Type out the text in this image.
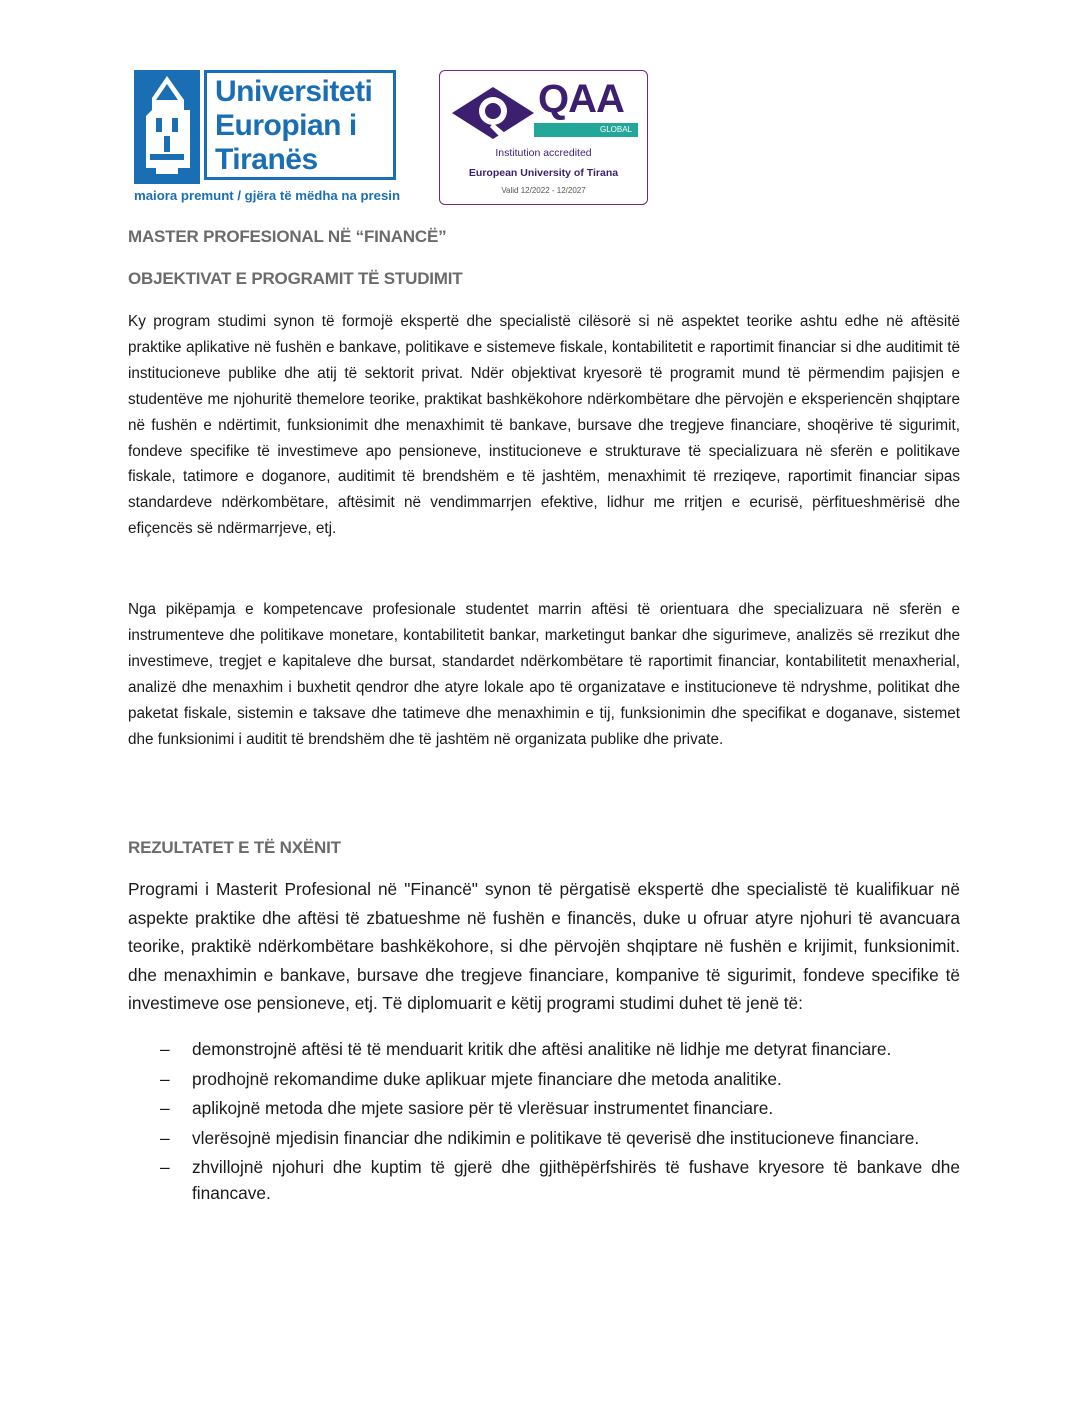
Universiteti
Europian i
Tiranës
maiora premunt / gjëra të mëdha na presin
QAA
GLOBAL
Institution accredited
European University of Tirana
Valid 12/2022 - 12/2027
MASTER PROFESIONAL NË “FINANCË”
OBJEKTIVAT E PROGRAMIT TË STUDIMIT
Ky program studimi synon të formojë ekspertë dhe specialistë cilësorë si në aspektet teorike ashtu edhe në aftësitë praktike aplikative në fushën e bankave, politikave e sistemeve fiskale, kontabilitetit e raportimit financiar si dhe auditimit të institucioneve publike dhe atij të sektorit privat. Ndër objektivat kryesorë të programit mund të përmendim pajisjen e studentëve me njohuritë themelore teorike, praktikat bashkëkohore ndërkombëtare dhe përvojën e eksperiencën shqiptare në fushën e ndërtimit, funksionimit dhe menaxhimit të bankave, bursave dhe tregjeve financiare, shoqërive të sigurimit, fondeve specifike të investimeve apo pensioneve, institucioneve e strukturave të specializuara në sferën e politikave fiskale, tatimore e doganore, auditimit të brendshëm e të jashtëm, menaxhimit të rreziqeve, raportimit financiar sipas standardeve ndërkombëtare, aftësimit në vendimmarrjen efektive, lidhur me rritjen e ecurisë, përfitueshmërisë dhe efiçencës së ndërmarrjeve, etj.
Nga pikëpamja e kompetencave profesionale studentet marrin aftësi të orientuara dhe specializuara në sferën e instrumenteve dhe politikave monetare, kontabilitetit bankar, marketingut bankar dhe sigurimeve, analizës së rrezikut dhe investimeve, tregjet e kapitaleve dhe bursat, standardet ndërkombëtare të raportimit financiar, kontabilitetit menaxherial, analizë dhe menaxhim i buxhetit qendror dhe atyre lokale apo të organizatave e institucioneve të ndryshme, politikat dhe paketat fiskale, sistemin e taksave dhe tatimeve dhe menaxhimin e tij, funksionimin dhe specifikat e doganave, sistemet dhe funksionimi i auditit të brendshëm dhe të jashtëm në organizata publike dhe private.
REZULTATET E TË NXËNIT
Programi i Masterit Profesional në "Financë" synon të përgatisë ekspertë dhe specialistë të kualifikuar në aspekte praktike dhe aftësi të zbatueshme në fushën e financës, duke u ofruar atyre njohuri të avancuara teorike, praktikë ndërkombëtare bashkëkohore, si dhe përvojën shqiptare në fushën e krijimit, funksionimit. dhe menaxhimin e bankave, bursave dhe tregjeve financiare, kompanive të sigurimit, fondeve specifike të investimeve ose pensioneve, etj. Të diplomuarit e këtij programi studimi duhet të jenë të:
– demonstrojnë aftësi të të menduarit kritik dhe aftësi analitike në lidhje me detyrat financiare.
– prodhojnë rekomandime duke aplikuar mjete financiare dhe metoda analitike.
– aplikojnë metoda dhe mjete sasiore për të vlerësuar instrumentet financiare.
– vlerësojnë mjedisin financiar dhe ndikimin e politikave të qeverisë dhe institucioneve financiare.
– zhvillojnë njohuri dhe kuptim të gjerë dhe gjithëpërfshirës të fushave kryesore të bankave dhe financave.
